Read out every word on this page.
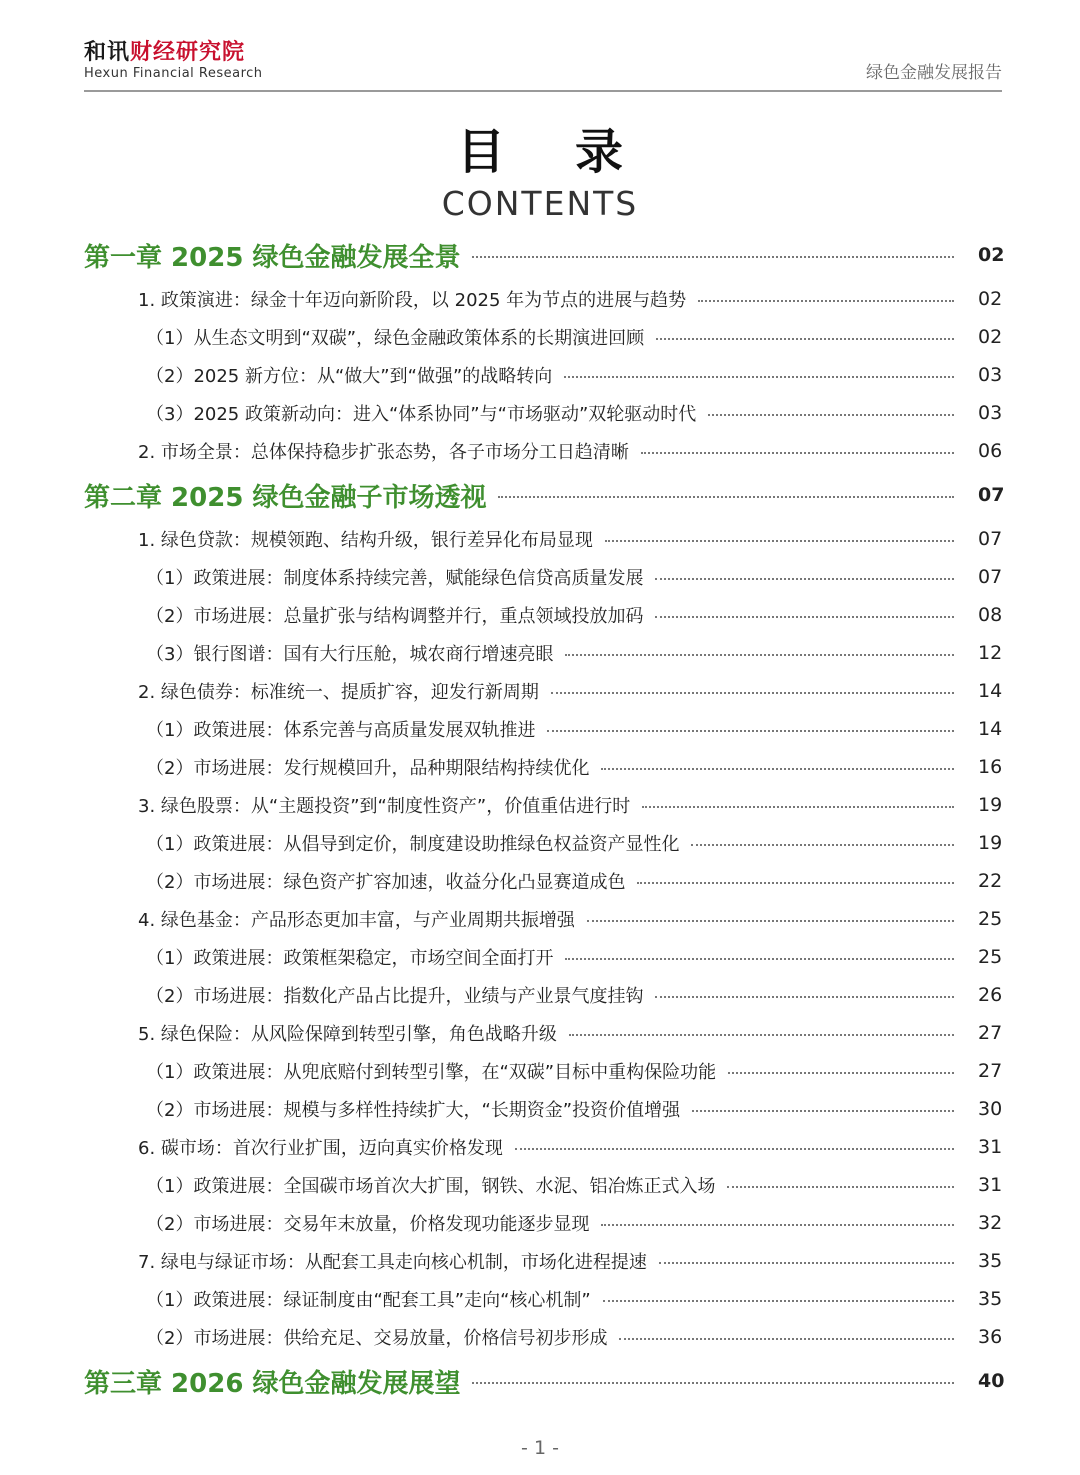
和讯财经研究院
Hexun Financial Research	绿色金融发展报告
目录
CONTENTS
第一章 2025 绿色金融发展全景	02
1. 政策演进：绿金十年迈向新阶段，以 2025 年为节点的进展与趋势	02
（1）从生态文明到“双碳”，绿色金融政策体系的长期演进回顾	02
（2）2025 新方位：从“做大”到“做强”的战略转向	03
（3）2025 政策新动向：进入“体系协同”与“市场驱动”双轮驱动时代	03
2. 市场全景：总体保持稳步扩张态势，各子市场分工日趋清晰	06
第二章 2025 绿色金融子市场透视	07
1. 绿色贷款：规模领跑、结构升级，银行差异化布局显现	07
（1）政策进展：制度体系持续完善，赋能绿色信贷高质量发展	07
（2）市场进展：总量扩张与结构调整并行，重点领域投放加码	08
（3）银行图谱：国有大行压舱，城农商行增速亮眼	12
2. 绿色债券：标准统一、提质扩容，迎发行新周期	14
（1）政策进展：体系完善与高质量发展双轨推进	14
（2）市场进展：发行规模回升，品种期限结构持续优化	16
3. 绿色股票：从“主题投资”到“制度性资产”，价值重估进行时	19
（1）政策进展：从倡导到定价，制度建设助推绿色权益资产显性化	19
（2）市场进展：绿色资产扩容加速，收益分化凸显赛道成色	22
4. 绿色基金：产品形态更加丰富，与产业周期共振增强	25
（1）政策进展：政策框架稳定，市场空间全面打开	25
（2）市场进展：指数化产品占比提升，业绩与产业景气度挂钩	26
5. 绿色保险：从风险保障到转型引擎，角色战略升级	27
（1）政策进展：从兜底赔付到转型引擎，在“双碳”目标中重构保险功能	27
（2）市场进展：规模与多样性持续扩大，“长期资金”投资价值增强	30
6. 碳市场：首次行业扩围，迈向真实价格发现	31
（1）政策进展：全国碳市场首次大扩围，钢铁、水泥、铝冶炼正式入场	31
（2）市场进展：交易年末放量，价格发现功能逐步显现	32
7. 绿电与绿证市场：从配套工具走向核心机制，市场化进程提速	35
（1）政策进展：绿证制度由“配套工具”走向“核心机制”	35
（2）市场进展：供给充足、交易放量，价格信号初步形成	36
第三章 2026 绿色金融发展展望	40
- 1 -
